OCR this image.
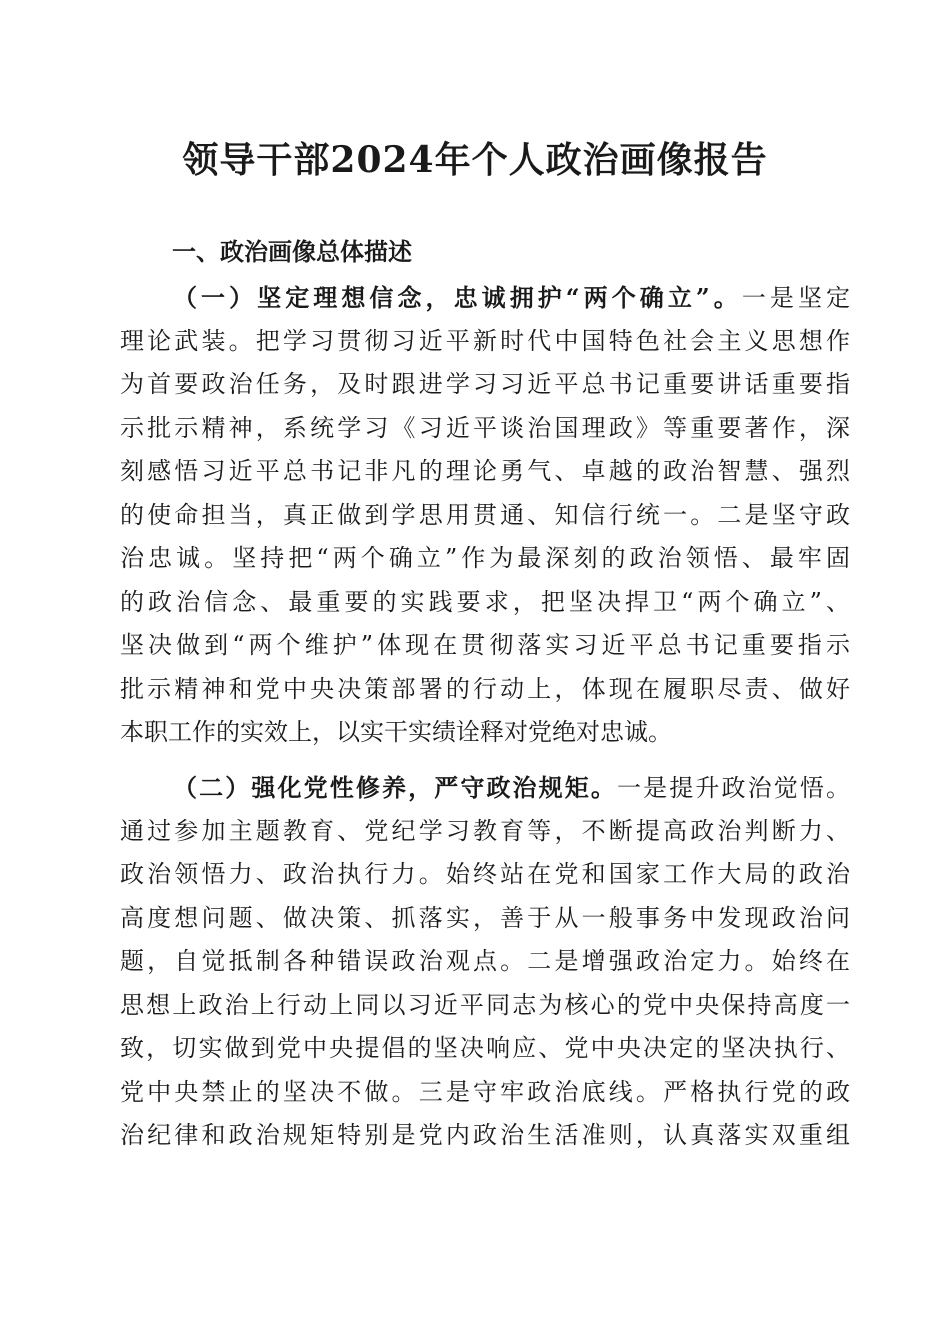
领导干部2024年个人政治画像报告
一、政治画像总体描述
（一）坚定理想信念，忠诚拥护“两个确立”。一是坚定
理论武装。把学习贯彻习近平新时代中国特色社会主义思想作
为首要政治任务，及时跟进学习习近平总书记重要讲话重要指
示批示精神，系统学习《习近平谈治国理政》等重要著作，深
刻感悟习近平总书记非凡的理论勇气、卓越的政治智慧、强烈
的使命担当，真正做到学思用贯通、知信行统一。二是坚守政
治忠诚。坚持把“两个确立”作为最深刻的政治领悟、最牢固
的政治信念、最重要的实践要求，把坚决捍卫“两个确立”、
坚决做到“两个维护”体现在贯彻落实习近平总书记重要指示
批示精神和党中央决策部署的行动上，体现在履职尽责、做好
本职工作的实效上，以实干实绩诠释对党绝对忠诚。
（二）强化党性修养，严守政治规矩。一是提升政治觉悟。
通过参加主题教育、党纪学习教育等，不断提高政治判断力、
政治领悟力、政治执行力。始终站在党和国家工作大局的政治
高度想问题、做决策、抓落实，善于从一般事务中发现政治问
题，自觉抵制各种错误政治观点。二是增强政治定力。始终在
思想上政治上行动上同以习近平同志为核心的党中央保持高度一
致，切实做到党中央提倡的坚决响应、党中央决定的坚决执行、
党中央禁止的坚决不做。三是守牢政治底线。严格执行党的政
治纪律和政治规矩特别是党内政治生活准则，认真落实双重组
